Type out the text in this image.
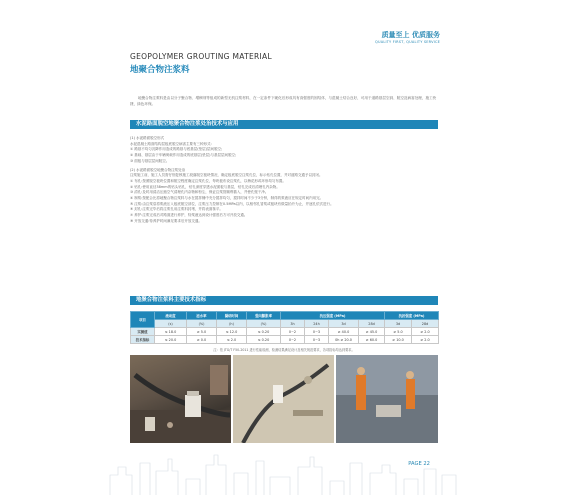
质量至上 优质服务
QUALITY FIRST, QUALITY SERVICE
GEOPOLYMER GROUTING MATERIAL
地聚合物注浆料
地聚合物注浆料是由以分子聚合物、增稠剂等组成的新型无机注浆材料，在一定条件下硬化后形成具有高强度的固结体，与混凝土结合良好，可用于道路基层空洞、脱空及病害处理，施工快捷，绿色环保。
水泥路面脱空地聚合物注浆处治技术与应用

(1) 水泥路面脱空形式

水泥混凝土路面结构层板底脱空病害主要有三种形式:

① 路基不均匀沉降作用造成的路基与底基层(垫层)层间脱空;

② 基础、基层由于车辆荷载作用造成的底基层(垫层)与基层层间脱空;

③ 面板与基层层间脱空。

(2) 水泥路面脱空地聚合物注浆处治

注浆施工前，施工人员需仔细复核施工段落脱空板块情况，确定板底脱空注浆孔位，标示钻孔位置，并对道路交通予以封闭。

① 布孔:按照脱空板块位置和脱空程度确定注浆孔位，每块板布设注浆孔，以梅花形或环形均匀布置。

② 钻孔:使用直径38mm的钻头钻孔，钻孔深度穿透水泥面板与基层，钻孔完成后清理孔内杂物。

③ 清孔:及时用清洁压缩空气清理孔内杂物和粉尘，保证注浆管顺利插入，并使孔壁干净。

④ 制浆:按配合比将地聚合物注浆料与水在搅拌桶中充分搅拌均匀，搅拌时间不少于3分钟，制得的浆液应在规定时间内用完。

⑤ 注浆:由注浆泵将浆液压入板底脱空部位，注浆压力控制在0.5MPa以内，以相邻孔冒浆或板块有微量抬升为止，并逐孔依次进行。

⑥ 封孔:注浆完毕后将注浆孔用注浆料封堵，并将表面抹平。

⑦ 养护:注浆完成后对路面进行养护，待浆液达到设计强度后方可开放交通。

⑧ 开放交通:待养护时间满足要求后开放交通。

地聚合物注浆料主要技术指标
项目	流动度	泌水率	凝结时间	竖向膨胀率	抗压强度 (MPa)				抗折强度 (MPa)	
	(s)	(%)	(h)	(%)	3h	24h	3d	28d	3d	28d
实测值	≤ 18.0	≥ 5.0	≤ 12.0	≤ 0.20	0~2	0~3	≥ 40.0	≥ 45.0	≥ 5.0	≥ 2.0
技术指标	≤ 20.0	≥ 0.0	≤ 2.0	≤ 0.20	0~2	0~3	0h ≥ 20.0	≥ 60.0	≥ 10.0	≥ 2.0
注：依 JTG/T F50-2011 进行性能检测，检测结果满足设计及相关规范要求，各项指标均达到要求。
PAGE 22
